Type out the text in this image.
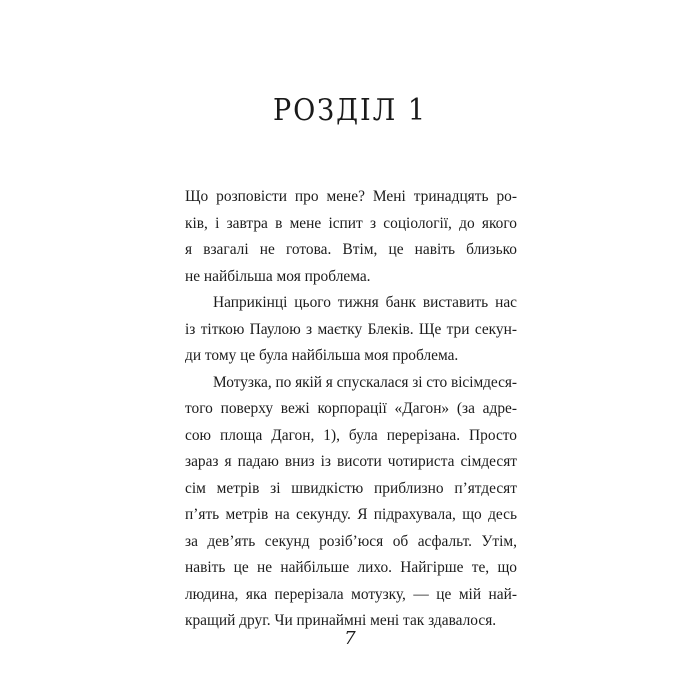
РОЗДІЛ 1
Що розповісти про мене? Мені тринадцять ро-
ків, і завтра в мене іспит з соціології, до якого
я взагалі не готова. Втім, це навіть близько
не найбільша моя проблема.
Наприкінці цього тижня банк виставить нас
із тіткою Паулою з маєтку Блеків. Ще три секун-
ди тому це була найбільша моя проблема.
Мотузка, по якій я спускалася зі сто вісімдеся-
того поверху вежі корпорації «Дагон» (за адре-
сою площа Дагон, 1), була перерізана. Просто
зараз я падаю вниз із висоти чотириста сімдесят
сім метрів зі швидкістю приблизно п’ятдесят
п’ять метрів на секунду. Я підрахувала, що десь
за дев’ять секунд розіб’юся об асфальт. Утім,
навіть це не найбільше лихо. Найгірше те, що
людина, яка перерізала мотузку, — це мій най-
кращий друг. Чи принаймні мені так здавалося.
7
